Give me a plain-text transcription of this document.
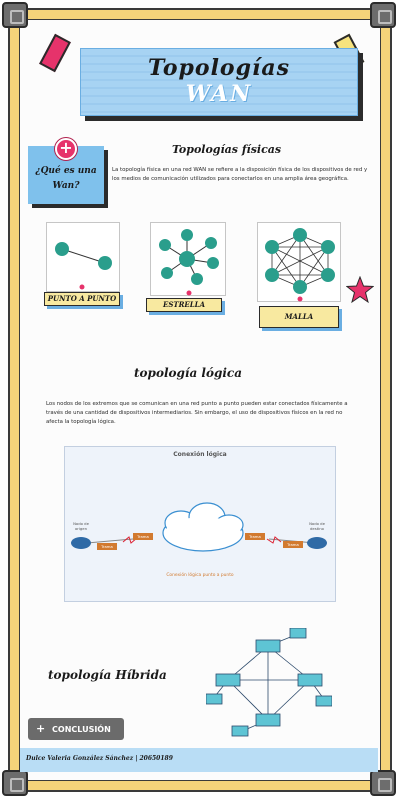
Topologías
WAN
¿Qué es una Wan?
+	Topologías físicas
La topología física en una red WAN se refiere a la disposición física de los dispositivos de red y los medios de comunicación utilizados para conectarlos en una amplia área geográfica.
PUNTO A PUNTO
ESTRELLA
MALLA
topología lógica
Los nodos de los extremos que se comunican en una red punto a punto pueden estar conectados físicamente a través de una cantidad de dispositivos intermediarios. Sin embargo, el uso de dispositivos físicos en la red no afecta la topología lógica.
Conexión lógica
Nodo de origen
Nodo de destino
Trama
Trama	Trama
Trama
Conexión lógica punto a punto
topología Híbrida
+ CONCLUSIÓN
Dulce Valeria González Sánchez | 20650189
